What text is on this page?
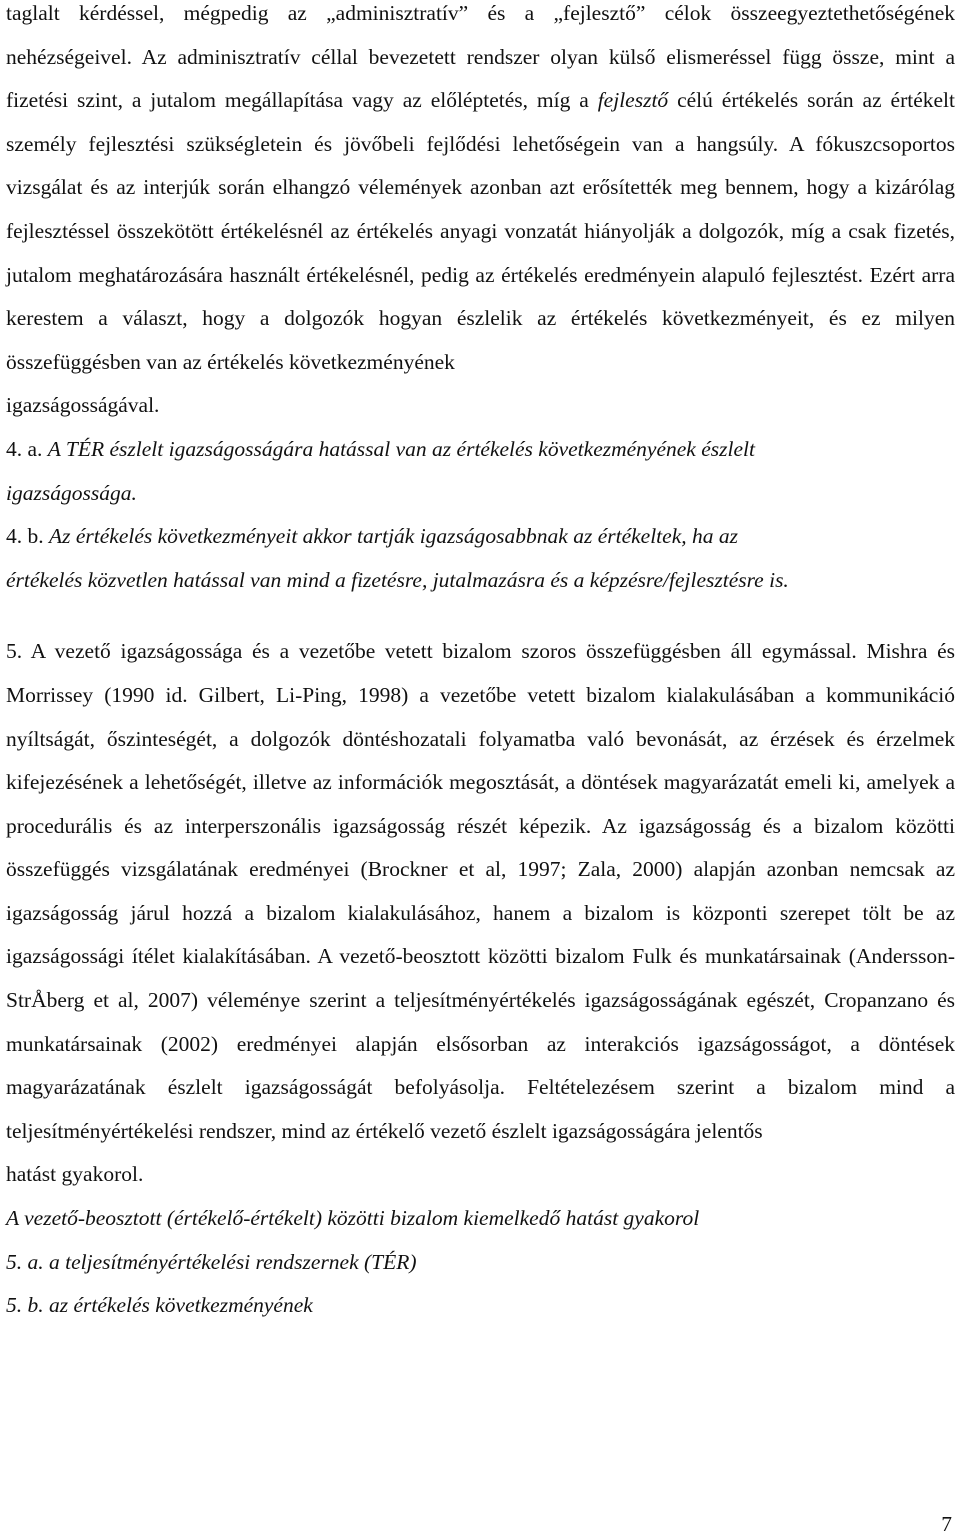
taglalt kérdéssel, mégpedig az „adminisztratív” és a „fejlesztő” célok összeegyeztethetőségének nehézségeivel. Az adminisztratív céllal bevezetett rendszer olyan külső elismeréssel függ össze, mint a fizetési szint, a jutalom megállapítása vagy az előléptetés, míg a fejlesztő célú értékelés során az értékelt személy fejlesztési szükségletein és jövőbeli fejlődési lehetőségein van a hangsúly. A fókuszcsoportos vizsgálat és az interjúk során elhangzó vélemények azonban azt erősítették meg bennem, hogy a kizárólag fejlesztéssel összekötött értékelésnél az értékelés anyagi vonzatát hiányolják a dolgozók, míg a csak fizetés, jutalom meghatározására használt értékelésnél, pedig az értékelés eredményein alapuló fejlesztést. Ezért arra kerestem a választ, hogy a dolgozók hogyan észlelik az értékelés következményeit, és ez milyen összefüggésben van az értékelés következményének

igazságosságával.

4. a. A TÉR észlelt igazságosságára hatással van az értékelés következményének észlelt

igazságossága.

4. b. Az értékelés következményeit akkor tartják igazságosabbnak az értékeltek, ha az

értékelés közvetlen hatással van mind a fizetésre, jutalmazásra és a képzésre/fejlesztésre is.

5. A vezető igazságossága és a vezetőbe vetett bizalom szoros összefüggésben áll egymással. Mishra és Morrissey (1990 id. Gilbert, Li-Ping, 1998) a vezetőbe vetett bizalom kialakulásában a kommunikáció nyíltságát, őszinteségét, a dolgozók döntéshozatali folyamatba való bevonását, az érzések és érzelmek kifejezésének a lehetőségét, illetve az információk megosztását, a döntések magyarázatát emeli ki, amelyek a procedurális és az interperszonális igazságosság részét képezik. Az igazságosság és a bizalom közötti összefüggés vizsgálatának eredményei (Brockner et al, 1997; Zala, 2000) alapján azonban nemcsak az igazságosság járul hozzá a bizalom kialakulásához, hanem a bizalom is központi szerepet tölt be az igazságossági ítélet kialakításában. A vezető-beosztott közötti bizalom Fulk és munkatársainak (Andersson-StrÅberg et al, 2007) véleménye szerint a teljesítményértékelés igazságosságának egészét, Cropanzano és munkatársainak (2002) eredményei alapján elsősorban az interakciós igazságosságot, a döntések magyarázatának észlelt igazságosságát befolyásolja. Feltételezésem szerint a bizalom mind a teljesítményértékelési rendszer, mind az értékelő vezető észlelt igazságosságára jelentős

hatást gyakorol.

A vezető-beosztott (értékelő-értékelt) közötti bizalom kiemelkedő hatást gyakorol

5. a. a teljesítményértékelési rendszernek (TÉR)

5. b. az értékelés következményének

7
